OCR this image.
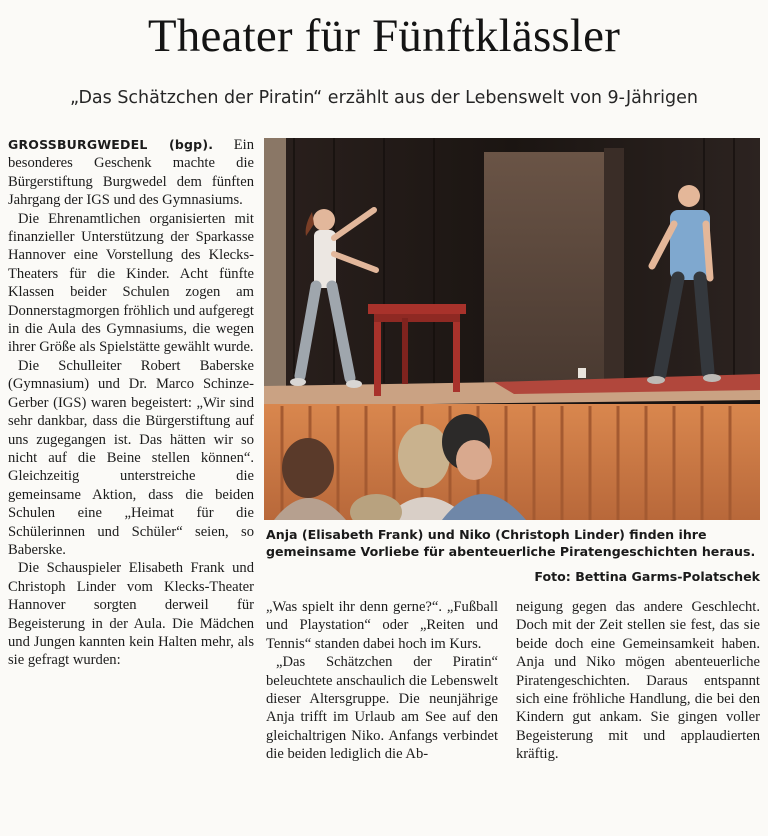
Theater für Fünftklässler
„Das Schätzchen der Piratin“ erzählt aus der Lebenswelt von 9-Jährigen

GROSSBURGWEDEL (bgp). Ein besonderes Geschenk machte die Bürgerstiftung Burgwedel dem fünften Jahrgang der IGS und des Gymnasiums.

Die Ehrenamtlichen organisierten mit finanzieller Unterstützung der Sparkasse Hannover eine Vorstellung des Klecks-Theaters für die Kinder. Acht fünfte Klassen beider Schulen zogen am Donnerstagmorgen fröhlich und aufgeregt in die Aula des Gymnasiums, die wegen ihrer Größe als Spielstätte gewählt wurde.

Die Schulleiter Robert Baberske (Gymnasium) und Dr. Marco Schinze-Gerber (IGS) waren begeistert: „Wir sind sehr dankbar, dass die Bürgerstiftung auf uns zugegangen ist. Das hätten wir so nicht auf die Beine stellen können“. Gleichzeitig unterstreiche die gemeinsame Aktion, dass die beiden Schulen eine „Heimat für die Schülerinnen und Schüler“ seien, so Baberske.

Die Schauspieler Elisabeth Frank und Christoph Linder vom Klecks-Theater Hannover sorgten derweil für Begeisterung in der Aula. Die Mädchen und Jungen kannten kein Halten mehr, als sie gefragt wurden:

Anja (Elisabeth Frank) und Niko (Christoph Linder) finden ihre gemeinsame Vorliebe für abenteuerliche Piratengeschichten heraus.
Foto: Bettina Garms-Polatschek

„Was spielt ihr denn gerne?“. „Fußball und Playstation“ oder „Reiten und Tennis“ standen dabei hoch im Kurs.

„Das Schätzchen der Piratin“ beleuchtete anschaulich die Lebenswelt dieser Altersgruppe. Die neunjährige Anja trifft im Urlaub am See auf den gleichaltrigen Niko. Anfangs verbindet die beiden lediglich die Ab-

neigung gegen das andere Geschlecht. Doch mit der Zeit stellen sie fest, das sie beide doch eine Gemeinsamkeit haben. Anja und Niko mögen abenteuerliche Piratengeschichten. Daraus entspannt sich eine fröhliche Handlung, die bei den Kindern gut ankam. Sie gingen voller Begeisterung mit und applaudierten kräftig.
